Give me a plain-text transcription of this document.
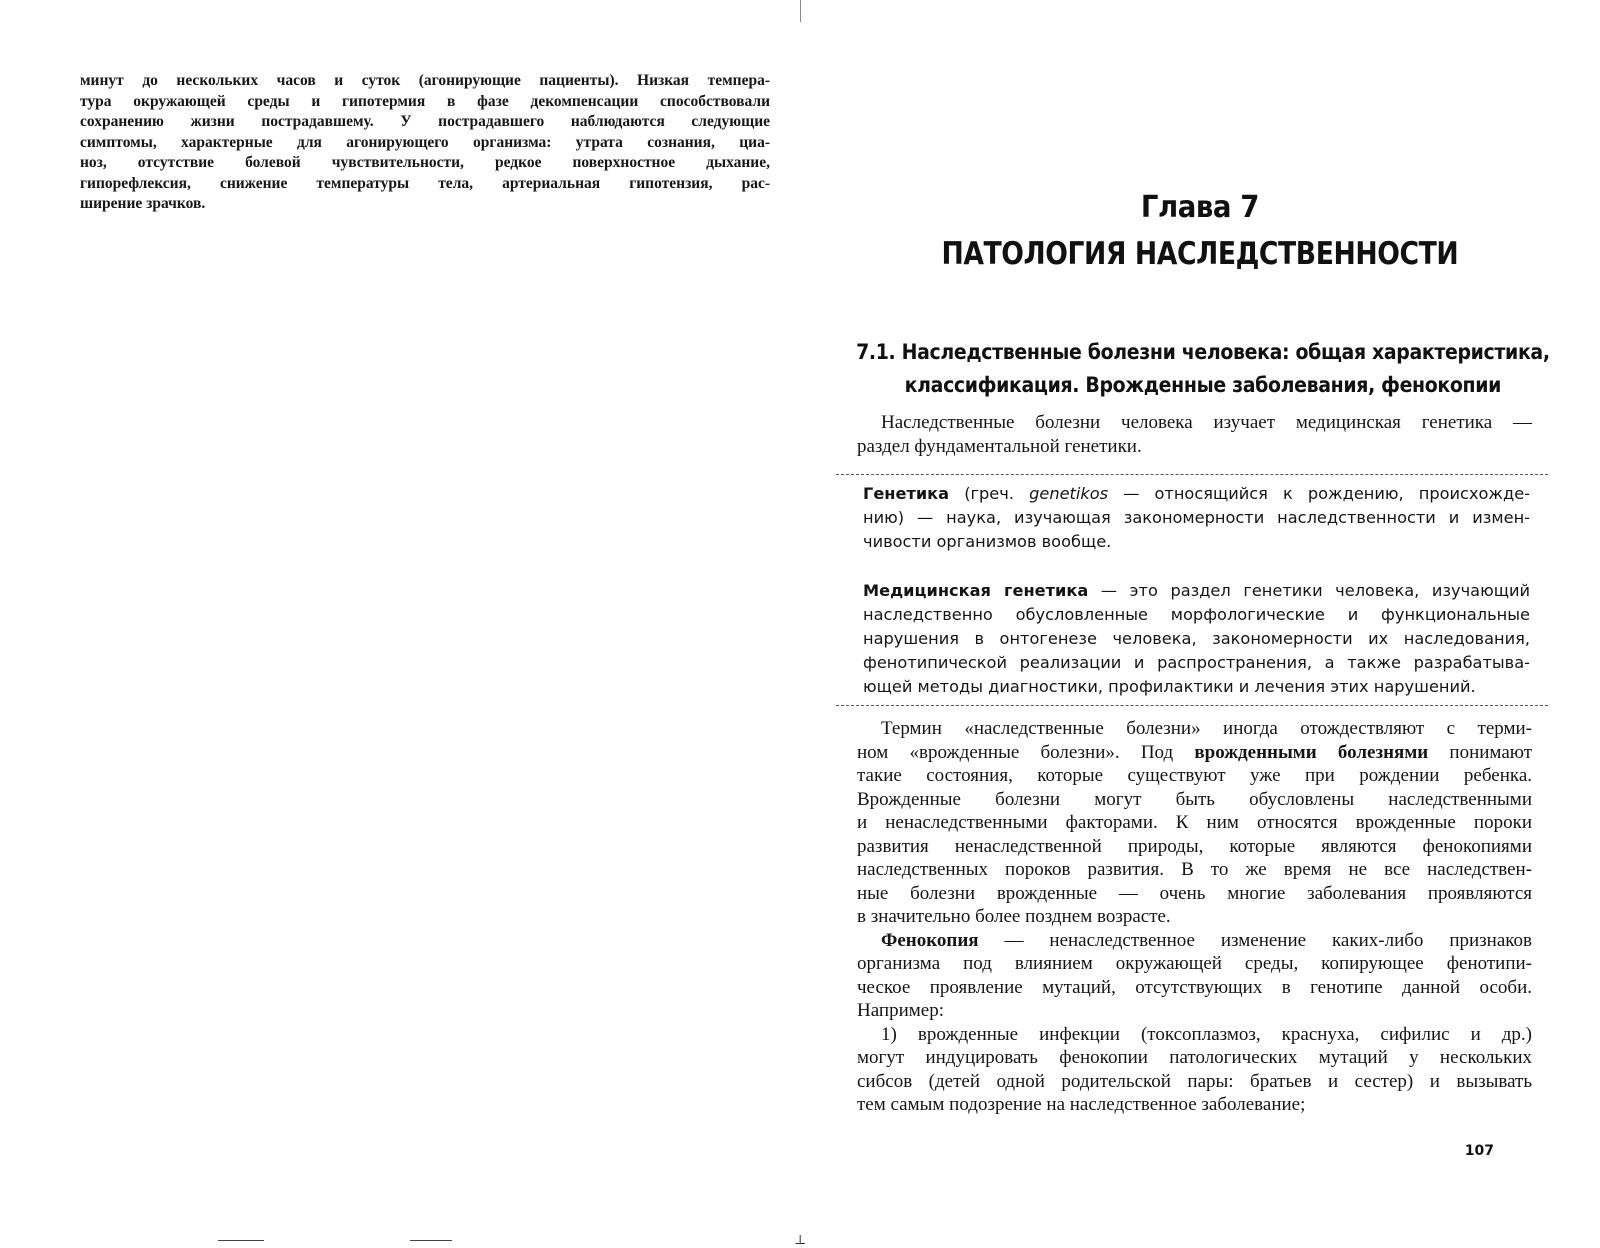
⊥
минут до нескольких часов и суток (агонирующие пациенты). Низкая темпера-
тура окружающей среды и гипотермия в фазе декомпенсации способствовали
сохранению жизни пострадавшему. У пострадавшего наблюдаются следующие
симптомы, характерные для агонирующего организма: утрата сознания, циа-
ноз, отсутствие болевой чувствительности, редкое поверхностное дыхание,
гипорефлексия, снижение температуры тела, артериальная гипотензия, рас-
ширение зрачков.	Глава 7
ПАТОЛОГИЯ НАСЛЕДСТВЕННОСТИ
7.1. Наследственные болезни человека: общая характеристика,
классификация. Врожденные заболевания, фенокопии
Наследственные болезни человека изучает медицинская генетика —
раздел фундаментальной генетики.
Генетика (греч. genetikos — относящийся к рождению, происхожде-
нию) — наука, изучающая закономерности наследственности и измен-
чивости организмов вообще.
Медицинская генетика — это раздел генетики человека, изучающий
наследственно обусловленные морфологические и функциональные
нарушения в онтогенезе человека, закономерности их наследования,
фенотипической реализации и распространения, а также разрабатыва-
ющей методы диагностики, профилактики и лечения этих нарушений.
Термин «наследственные болезни» иногда отождествляют с терми-
ном «врожденные болезни». Под врожденными болезнями понимают
такие состояния, которые существуют уже при рождении ребенка.
Врожденные болезни могут быть обусловлены наследственными
и ненаследственными факторами. К ним относятся врожденные пороки
развития ненаследственной природы, которые являются фенокопиями
наследственных пороков развития. В то же время не все наследствен-
ные болезни врожденные — очень многие заболевания проявляются
в значительно более позднем возрасте.
Фенокопия — ненаследственное изменение каких-либо признаков
организма под влиянием окружающей среды, копирующее фенотипи-
ческое проявление мутаций, отсутствующих в генотипе данной особи.
Например:
1) врожденные инфекции (токсоплазмоз, краснуха, сифилис и др.)
могут индуцировать фенокопии патологических мутаций у нескольких
сибсов (детей одной родительской пары: братьев и сестер) и вызывать
тем самым подозрение на наследственное заболевание;
107
